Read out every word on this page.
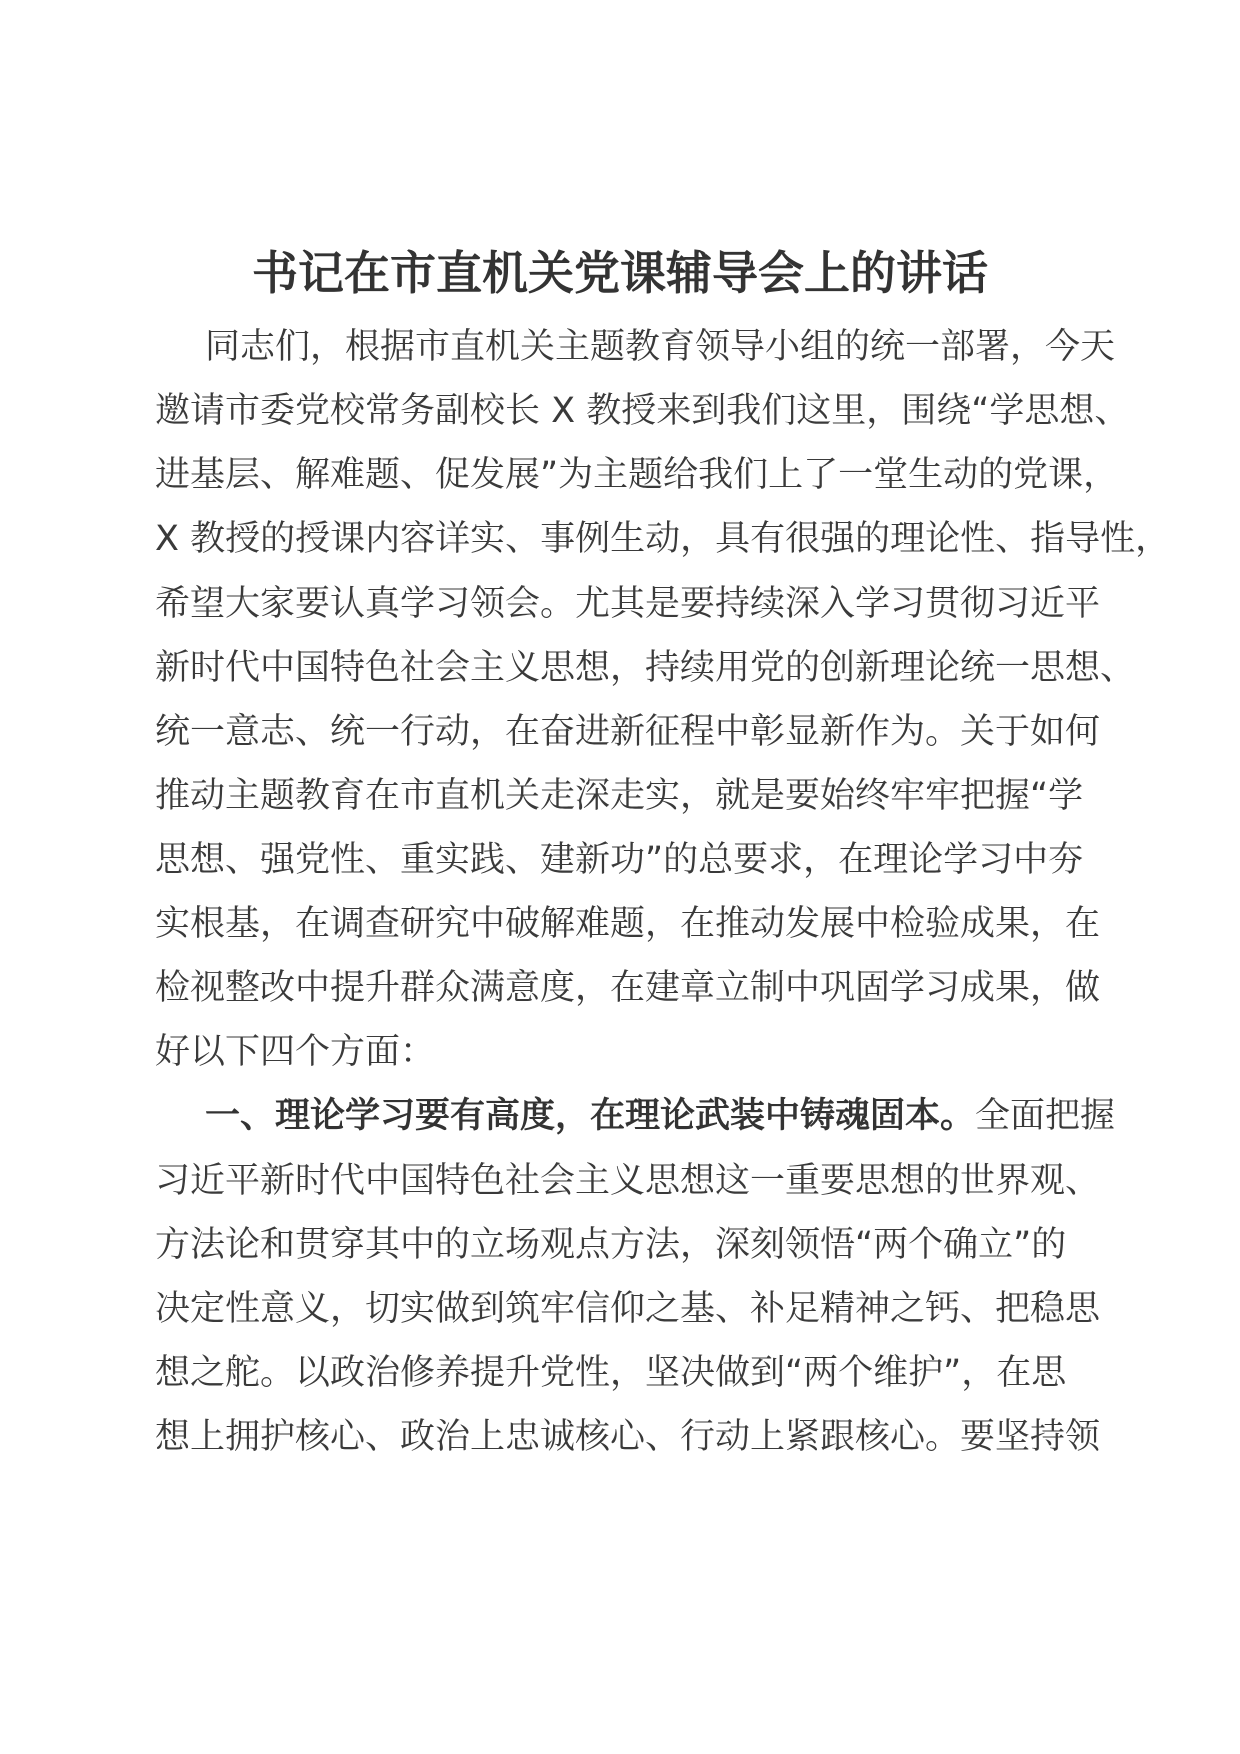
书记在市直机关党课辅导会上的讲话
同志们，根据市直机关主题教育领导小组的统一部署，今天
邀请市委党校常务副校长 X 教授来到我们这里，围绕“学思想、
进基层、解难题、促发展”为主题给我们上了一堂生动的党课，
X 教授的授课内容详实、事例生动，具有很强的理论性、指导性，
希望大家要认真学习领会。尤其是要持续深入学习贯彻习近平
新时代中国特色社会主义思想，持续用党的创新理论统一思想、
统一意志、统一行动，在奋进新征程中彰显新作为。关于如何
推动主题教育在市直机关走深走实，就是要始终牢牢把握“学
思想、强党性、重实践、建新功”的总要求，在理论学习中夯
实根基，在调查研究中破解难题，在推动发展中检验成果，在
检视整改中提升群众满意度，在建章立制中巩固学习成果，做
好以下四个方面：
一、理论学习要有高度，在理论武装中铸魂固本。全面把握
习近平新时代中国特色社会主义思想这一重要思想的世界观、
方法论和贯穿其中的立场观点方法，深刻领悟“两个确立”的
决定性意义，切实做到筑牢信仰之基、补足精神之钙、把稳思
想之舵。以政治修养提升党性，坚决做到“两个维护”，在思
想上拥护核心、政治上忠诚核心、行动上紧跟核心。要坚持领
